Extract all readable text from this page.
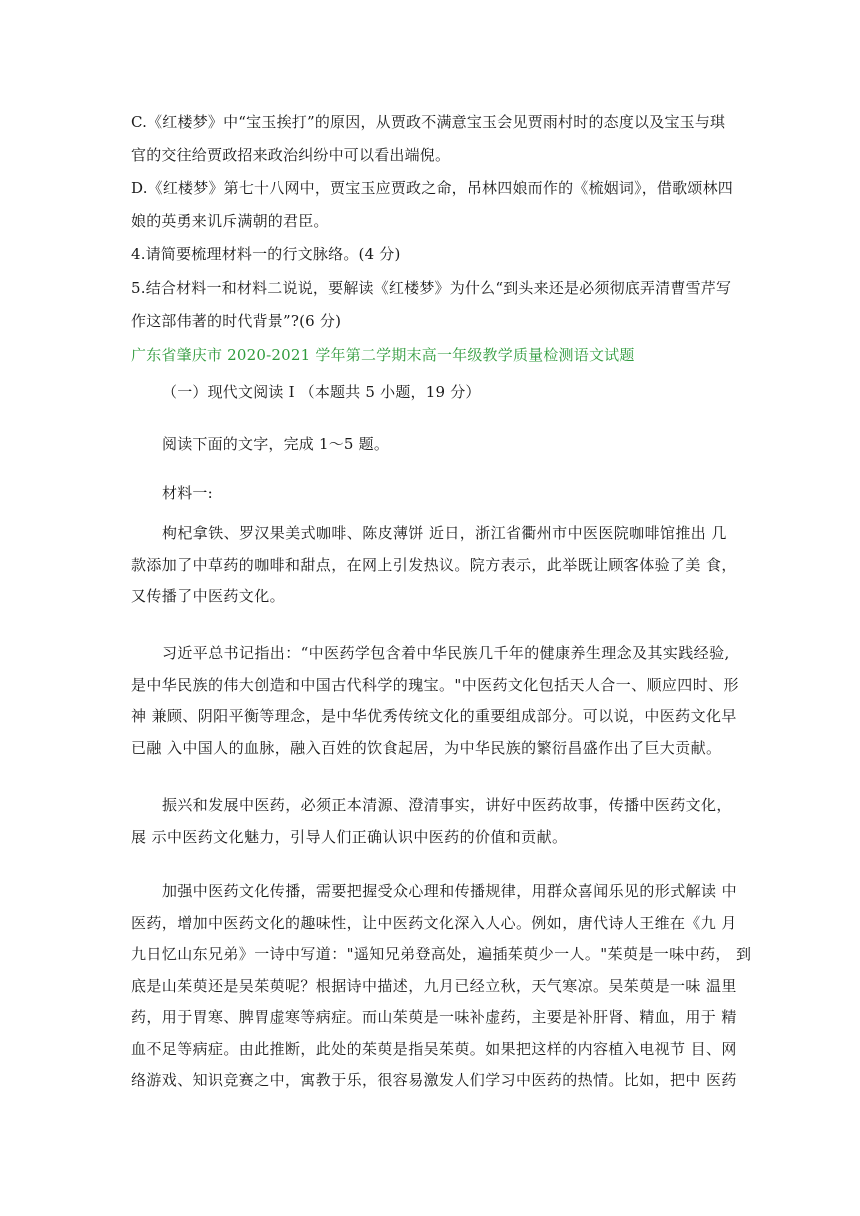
C.《红楼梦》中“宝玉挨打”的原因，从贾政不满意宝玉会见贾雨村时的态度以及宝玉与琪
官的交往给贾政招来政治纠纷中可以看出端倪。
D.《红楼梦》第七十八网中，贾宝玉应贾政之命，吊林四娘而作的《梳姻词》，借歌颂林四
娘的英勇来讥斥满朝的君臣。
4.请简要梳理材料一的行文脉络。(4 分)
5.结合材料一和材料二说说，要解读《红楼梦》为什么“到头来还是必须彻底弄清曹雪芹写
作这部伟著的时代背景”?(6 分)
广东省肇庆市 2020-2021 学年第二学期末高一年级教学质量检测语文试题
（一）现代文阅读 I （本题共 5 小题，19 分）
阅读下面的文字，完成 1～5 题。
材料一:

枸杞拿铁、罗汉果美式咖啡、陈皮薄饼 近日，浙江省衢州市中医医院咖啡馆推出 几

款添加了中草药的咖啡和甜点，在网上引发热议。院方表示，此举既让顾客体验了美 食，

又传播了中医药文化。

习近平总书记指出：“中医药学包含着中华民族几千年的健康养生理念及其实践经验,

是中华民族的伟大创造和中国古代科学的瑰宝。"中医药文化包括天人合一、顺应四时、形

神 兼顾、阴阳平衡等理念，是中华优秀传统文化的重要组成部分。可以说，中医药文化早

已融 入中国人的血脉，融入百姓的饮食起居，为中华民族的繁衍昌盛作出了巨大贡献。

振兴和发展中医药，必须正本清源、澄清事实，讲好中医药故事，传播中医药文化，

展 示中医药文化魅力，引导人们正确认识中医药的价值和贡献。

加强中医药文化传播，需要把握受众心理和传播规律，用群众喜闻乐见的形式解读 中

医药，增加中医药文化的趣味性，让中医药文化深入人心。例如，唐代诗人王维在《九 月

九日忆山东兄弟》一诗中写道："遥知兄弟登高处，遍插茱萸少一人。"茱萸是一味中药， 到

底是山茱萸还是吴茱萸呢？根据诗中描述，九月已经立秋，天气寒凉。吴茱萸是一味 温里

药，用于胃寒、脾胃虚寒等病症。而山茱萸是一味补虚药，主要是补肝肾、精血，用于 精

血不足等病症。由此推断，此处的茱萸是指吴茱萸。如果把这样的内容植入电视节 目、网

络游戏、知识竞赛之中，寓教于乐，很容易激发人们学习中医药的热情。比如，把中 医药
